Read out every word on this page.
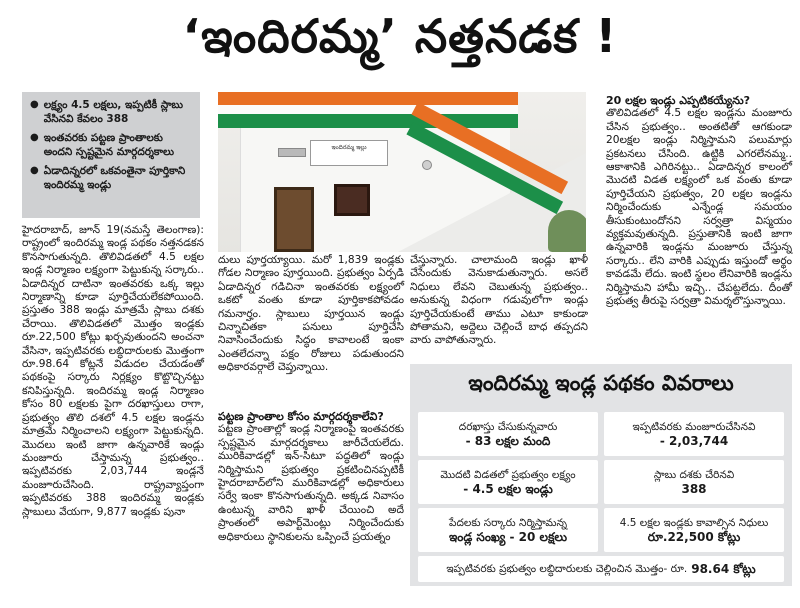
‘ఇందిరమ్మ’ నత్తనడక !
● లక్ష్యం 4.5 లక్షలు, ఇప్పటికీ స్లాబు వేసినవి కేవలం 388
● ఇంతవరకు పట్టణ ప్రాంతాలకు అందని స్పష్టమైన మార్గదర్శకాలు
● ఏడాదిన్నరలో ఒకవంతైనా పూర్తికాని ఇందిరమ్మ ఇండ్లు
ఇందిరమ్మ ఇల్లు

హైదరాబాద్, జూన్ 19(నమస్తే తెలంగాణ): రాష్ట్రంలో ఇందిరమ్మ ఇండ్ల పథకం నత్తనడకన కొనసాగుతున్నది. తొలివిడతలో 4.5 లక్షల ఇండ్ల నిర్మాణం లక్ష్యంగా పెట్టుకున్న సర్కారు.. ఏడాదిన్నర దాటినా ఇంతవరకు ఒక్క ఇల్లు నిర్మాణాన్ని కూడా పూర్తిచేయలేకపోయింది. ప్రస్తుతం 388 ఇండ్లు మాత్రమే స్లాబు దశకు చేరాయి. తొలివిడతలో మొత్తం ఇండ్లకు రూ.22,500 కోట్లు ఖర్చవుతుందని అంచనా వేసినా, ఇప్పటివరకు లబ్ధిదారులకు మొత్తంగా రూ.98.64 కోట్లనే విడుదల చేయడంతో పథకంపై సర్కారు నిర్లక్ష్యం కొట్టొచ్చినట్టు కనిపిస్తున్నది. ఇందిరమ్మ ఇండ్ల నిర్మాణం కోసం 80 లక్షలకు పైగా దరఖాస్తులు రాగా, ప్రభుత్వం తొలి దశలో 4.5 లక్షల ఇండ్లను మాత్రమే నిర్మించాలని లక్ష్యంగా పెట్టుకున్నది. మొదలు ఇంటి జాగా ఉన్నవారికే ఇండ్లు మంజూరు చేస్తామన్న ప్రభుత్వం.. ఇప్పటివరకు 2,03,744 ఇండ్లనే మంజూరుచేసింది. రాష్ట్రవ్యాప్తంగా ఇప్పటివరకు 388 ఇందిరమ్మ ఇండ్లకు స్లాబులు వేయగా, 9,877 ఇండ్లకు పునా

దులు పూర్తయ్యాయి. మరో 1,839 ఇండ్లకు గోడల నిర్మాణం పూర్తయింది. ప్రభుత్వం ఏర్పడి ఏడాదిన్నర గడిచినా ఇంతవరకు లక్ష్యంలో ఒకటో వంతు కూడా పూర్తికాకపోవడం గమనార్హం. స్లాబులు పూర్తయిన ఇండ్లు చిన్నాచితకా పనులు పూర్తిచేసి నివాసించేందుకు సిద్ధం కావాలంటే ఇంకా ఎంతలేదన్నా పక్షం రోజులు పడుతుందని అధికారవర్గాలే చెప్తున్నాయి.

పట్టణ ప్రాంతాల కోసం మార్గదర్శకాలేవి?

పట్టణ ప్రాంతాల్లో ఇండ్ల నిర్మాణంపై ఇంతవరకు స్పష్టమైన మార్గదర్శకాలు జారీచేయలేదు. మురికివాడల్లో ఇన్-సిటూ పద్ధతిలో ఇండ్లు నిర్మిస్తామని ప్రభుత్వం ప్రకటించినప్పటికీ హైదరాబాద్‌లోని మురికివాడల్లో అధికారులు సర్వే ఇంకా కొనసాగుతున్నది. అక్కడ నివాసం ఉంటున్న వారిని ఖాళీ చేయించి అదే ప్రాంతంలో అపార్ట్‌మెంట్లు నిర్మించేందుకు అధికారులు స్థానికులను ఒప్పించే ప్రయత్నం

చేస్తున్నారు. చాలామంది ఇండ్లు ఖాళీ చేసేందుకు వెనుకాడుతున్నారు. అసలే నిధులు లేవని చెబుతున్న ప్రభుత్వం.. అనుకున్న విధంగా గడువులోగా ఇండ్లు పూర్తిచేయకుంటే తాము ఎటూ కాకుండా పోతామని, అద్దెలు చెల్లించే బాధ తప్పదని వారు వాపోతున్నారు.

20 లక్షల ఇండ్లు ఎప్పటికయ్యేను?

తొలివిడతలో 4.5 లక్షల ఇండ్లను మంజూరు చేసిన ప్రభుత్వం.. అంతటితో ఆగకుండా 20లక్షల ఇండ్లు నిర్మిస్తామని పలుమార్లు ప్రకటనలు చేసింది. ఉట్టికి ఎగరలేనమ్మ.. ఆకాశానికి ఎగిరినట్టు.. ఏడాదిన్నర కాలంలో మొదటి విడత లక్ష్యంలో ఒక వంతు కూడా పూర్తిచేయని ప్రభుత్వం, 20 లక్షల ఇండ్లను నిర్మించేందుకు ఎన్నేండ్ల సమయం తీసుకుంటుందోనని సర్వత్రా విస్మయం వ్యక్తమవుతున్నది. ప్రస్తుతానికి ఇంటి జాగా ఉన్నవారికి ఇండ్లను మంజూరు చేస్తున్న సర్కారు.. లేని వారికి ఎప్పుడు ఇస్తుందో అర్థం కావడమే లేదు. ఇంటి స్థలం లేనివారికి ఇండ్లను నిర్మిస్తామని హామీ ఇచ్చి.. చేపట్టలేదు. దీంతో ప్రభుత్వ తీరుపై సర్వత్రా విమర్శలొస్తున్నాయి.

ఇందిరమ్మ ఇండ్ల పథకం వివరాలు
దరఖాస్తు చేసుకున్నవారు
- 83 లక్షల మంది
ఇప్పటివరకు మంజూరుచేసినవి
- 2,03,744
మొదటి విడతలో ప్రభుత్వం లక్ష్యం
- 4.5 లక్షల ఇండ్లు
స్లాబు దశకు చేరినవి
388
పేదలకు సర్కారు నిర్మిస్తామన్న
ఇండ్ల సంఖ్య - 20 లక్షలు
4.5 లక్షల ఇండ్లకు కావాల్సిన నిధులు
రూ.22,500 కోట్లు
ఇప్పటివరకు ప్రభుత్వం లబ్ధిదారులకు చెల్లించిన మొత్తం- రూ. 98.64 కోట్లు
